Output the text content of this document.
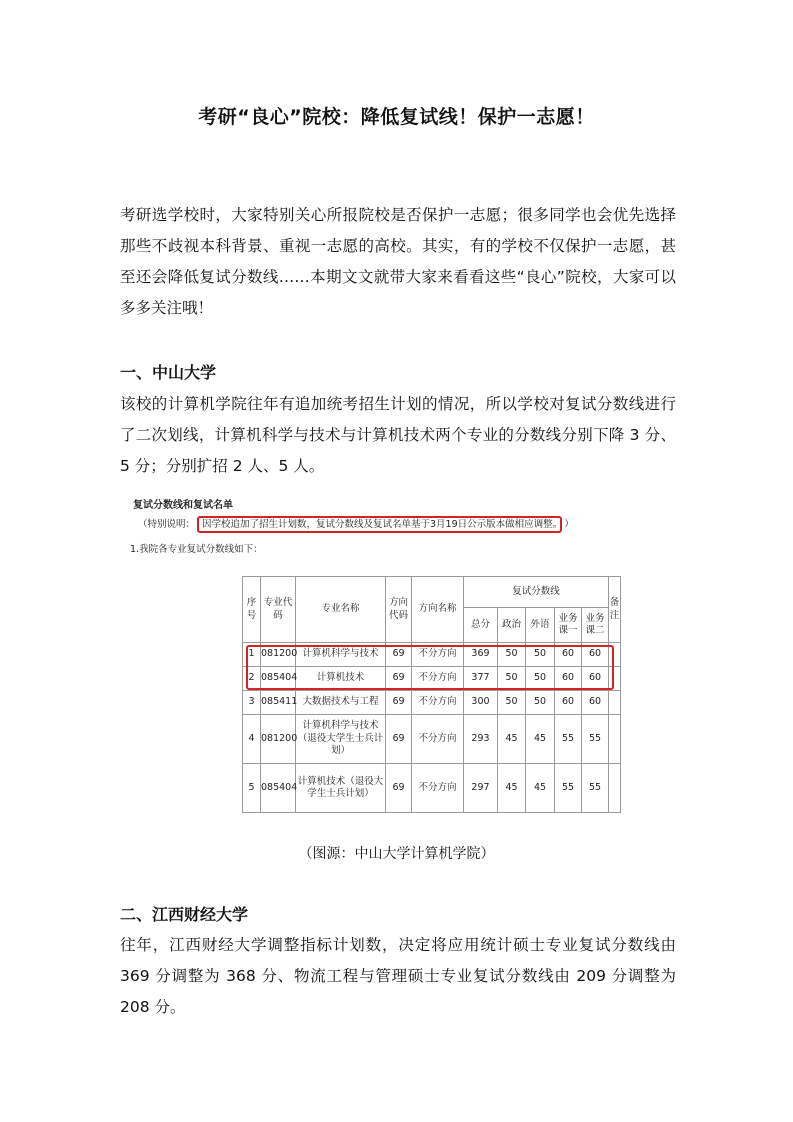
考研“良心”院校：降低复试线！保护一志愿！

考研选学校时，大家特别关心所报院校是否保护一志愿；很多同学也会优先选择那些不歧视本科背景、重视一志愿的高校。其实，有的学校不仅保护一志愿，甚至还会降低复试分数线……本期文文就带大家来看看这些“良心”院校，大家可以多多关注哦！

一、中山大学

该校的计算机学院往年有追加统考招生计划的情况，所以学校对复试分数线进行了二次划线，计算机科学与技术与计算机技术两个专业的分数线分别下降 3 分、5 分；分别扩招 2 人、5 人。

复试分数线和复试名单
（特别说明： 因学校追加了招生计划数，复试分数线及复试名单基于3月19日公示版本做相应调整。 ）
1.我院各专业复试分数线如下：
序号	专业代码	专业名称	方向代码	方向名称	复试分数线					备注
					总分	政治	外语	业务课一	业务课二	
1	081200	计算机科学与技术	69	不分方向	369	50	50	60	60	
2	085404	计算机技术	69	不分方向	377	50	50	60	60	
3	085411	大数据技术与工程	69	不分方向	300	50	50	60	60	
4	081200	计算机科学与技术（退役大学生士兵计划）	69	不分方向	293	45	45	55	55	
5	085404	计算机技术（退役大学生士兵计划）	69	不分方向	297	45	45	55	55	
（图源：中山大学计算机学院）
二、江西财经大学

往年，江西财经大学调整指标计划数，决定将应用统计硕士专业复试分数线由 369 分调整为 368 分、物流工程与管理硕士专业复试分数线由 209 分调整为 208 分。
